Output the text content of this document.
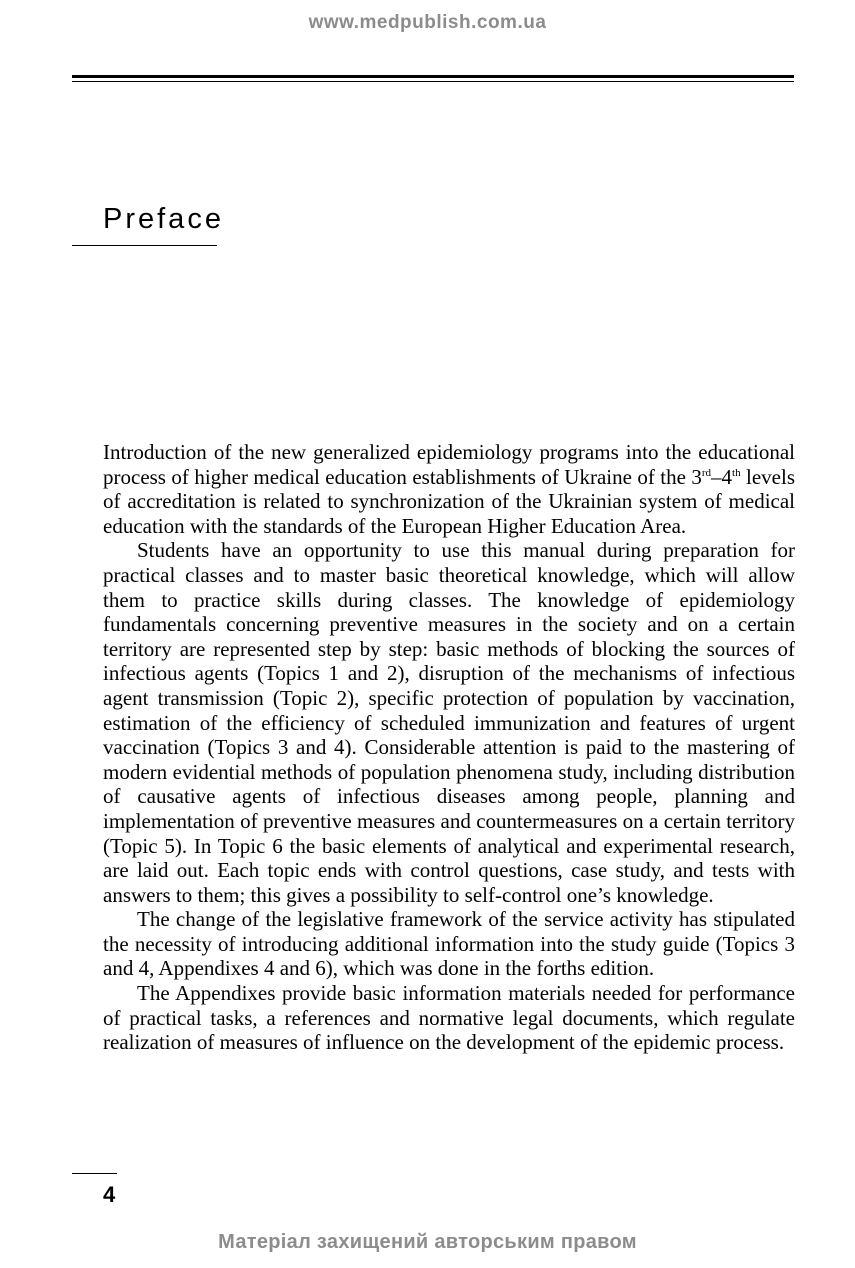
www.medpublish.com.ua
Preface

Introduction of the new generalized epidemiology programs into the educational process of higher medical education establishments of Ukraine of the 3rd–4th levels of accreditation is related to synchronization of the Ukrainian system of medical education with the standards of the European Higher Education Area.

Students have an opportunity to use this manual during preparation for practical classes and to master basic theoretical knowledge, which will allow them to practice skills during classes. The knowledge of epidemiology fundamentals concerning preventive measures in the society and on a certain territory are represented step by step: basic methods of blocking the sources of infectious agents (Topics 1 and 2), disruption of the mechanisms of infectious agent transmission (Topic 2), specific protection of population by vaccination, estimation of the efficiency of scheduled immunization and features of urgent vaccination (Topics 3 and 4). Considerable attention is paid to the mastering of modern evidential methods of population phenomena study, including distribution of causative agents of infectious diseases among people, planning and implementation of preventive measures and countermeasures on a certain territory (Topic 5). In Topic 6 the basic elements of analytical and experimental research, are laid out. Each topic ends with control questions, case study, and tests with answers to them; this gives a possibility to self-control one’s knowledge.

The change of the legislative framework of the service activity has stipulated the necessity of introducing additional information into the study guide (Topics 3 and 4, Appendixes 4 and 6), which was done in the forths edition.

The Appendixes provide basic information materials needed for performance of practical tasks, a references and normative legal documents, which regulate realization of measures of influence on the development of the epidemic process.

4
Матеріал захищений авторським правом
